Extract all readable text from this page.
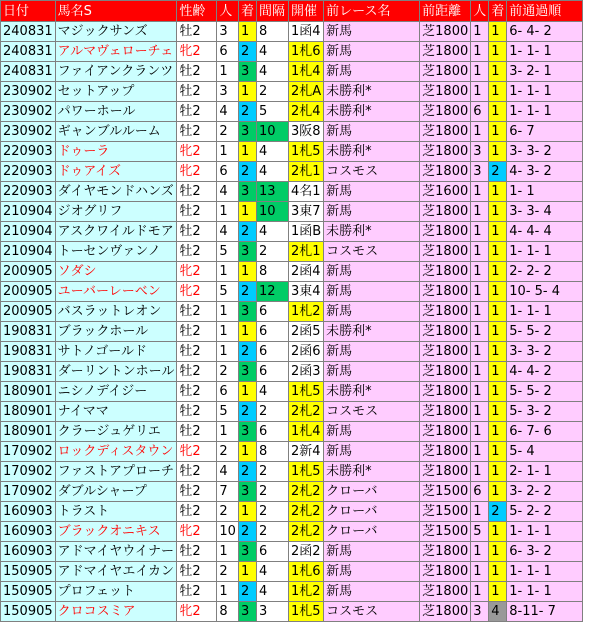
日付	馬名S	性齢	人	着	間隔	開催	前レース名	前距離	人	着	前通過順
240831	マジックサンズ	牡2	3	1	8	1函4	新馬	芝1800	1	1	6- 4- 2
240831	アルマヴェローチェ	牝2	6	2	4	1札6	新馬	芝1800	1	1	1- 1- 1
240831	ファイアンクランツ	牡2	1	3	4	1札4	新馬	芝1800	1	1	3- 2- 1
230902	セットアップ	牡2	3	1	2	2札A	未勝利*	芝1800	1	1	1- 1- 1
230902	パワーホール	牡2	4	2	5	2札4	未勝利*	芝1800	6	1	1- 1- 1
230902	ギャンブルルーム	牡2	2	3	10	3阪8	新馬	芝1800	1	1	6- 7
220903	ドゥーラ	牝2	1	1	4	1札5	未勝利*	芝1800	3	1	3- 3- 2
220903	ドゥアイズ	牝2	6	2	4	2札1	コスモス	芝1800	3	2	4- 3- 2
220903	ダイヤモンドハンズ	牡2	4	3	13	4名1	新馬	芝1600	1	1	1- 1
210904	ジオグリフ	牡2	1	1	10	3東7	新馬	芝1800	1	1	3- 3- 4
210904	アスクワイルドモア	牡2	4	2	4	1函B	未勝利*	芝1800	1	1	4- 4- 4
210904	トーセンヴァンノ	牡2	5	3	2	2札1	コスモス	芝1800	1	1	1- 1- 1
200905	ソダシ	牝2	1	1	8	2函4	新馬	芝1800	1	1	2- 2- 2
200905	ユーバーレーベン	牝2	5	2	12	3東4	新馬	芝1800	1	1	10- 5- 4
200905	バスラットレオン	牡2	1	3	6	1札2	新馬	芝1800	1	1	1- 1- 1
190831	ブラックホール	牡2	1	1	6	2函5	未勝利*	芝1800	1	1	5- 5- 2
190831	サトノゴールド	牡2	1	2	6	2函6	新馬	芝1800	1	1	3- 3- 2
190831	ダーリントンホール	牡2	2	3	6	2函3	新馬	芝1800	1	1	4- 4- 2
180901	ニシノデイジー	牡2	6	1	4	1札5	未勝利*	芝1800	1	1	5- 5- 2
180901	ナイママ	牡2	5	2	2	2札2	コスモス	芝1800	1	1	5- 3- 2
180901	クラージュゲリエ	牡2	1	3	6	1札4	新馬	芝1800	1	1	6- 7- 6
170902	ロックディスタウン	牝2	2	1	8	2新4	新馬	芝1800	1	1	5- 4
170902	ファストアプローチ	牡2	4	2	2	1札5	未勝利*	芝1800	1	1	2- 1- 1
170902	ダブルシャープ	牡2	7	3	2	2札2	クローバ	芝1500	6	1	3- 2- 2
160903	トラスト	牡2	2	1	2	2札2	クローバ	芝1500	1	2	5- 2- 2
160903	ブラックオニキス	牝2	10	2	2	2札2	クローバ	芝1500	5	1	1- 1- 1
160903	アドマイヤウイナー	牡2	1	3	6	2函2	新馬	芝1800	1	1	6- 3- 2
150905	アドマイヤエイカン	牡2	2	1	4	1札6	新馬	芝1800	1	1	1- 1- 1
150905	プロフェット	牡2	1	2	4	1札2	新馬	芝1800	1	1	1- 1- 1
150905	クロコスミア	牝2	8	3	3	1札5	コスモス	芝1800	3	4	8-11- 7
